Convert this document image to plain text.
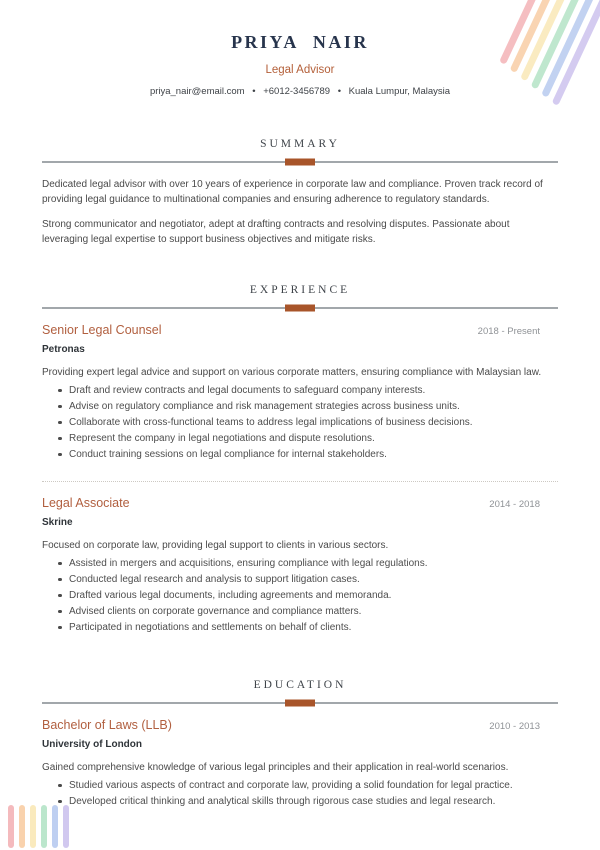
PRIYA NAIR
Legal Advisor
priya_nair@email.com • +6012-3456789 • Kuala Lumpur, Malaysia
SUMMARY

Dedicated legal advisor with over 10 years of experience in corporate law and compliance. Proven track record of providing legal guidance to multinational companies and ensuring adherence to regulatory standards.

Strong communicator and negotiator, adept at drafting contracts and resolving disputes. Passionate about leveraging legal expertise to support business objectives and mitigate risks.

EXPERIENCE
Senior Legal Counsel	2018 - Present
Petronas
Providing expert legal advice and support on various corporate matters, ensuring compliance with Malaysian law.
Draft and review contracts and legal documents to safeguard company interests.
Advise on regulatory compliance and risk management strategies across business units.
Collaborate with cross-functional teams to address legal implications of business decisions.
Represent the company in legal negotiations and dispute resolutions.
Conduct training sessions on legal compliance for internal stakeholders.
Legal Associate	2014 - 2018
Skrine
Focused on corporate law, providing legal support to clients in various sectors.
Assisted in mergers and acquisitions, ensuring compliance with legal regulations.
Conducted legal research and analysis to support litigation cases.
Drafted various legal documents, including agreements and memoranda.
Advised clients on corporate governance and compliance matters.
Participated in negotiations and settlements on behalf of clients.
EDUCATION
Bachelor of Laws (LLB)	2010 - 2013
University of London
Gained comprehensive knowledge of various legal principles and their application in real-world scenarios.
Studied various aspects of contract and corporate law, providing a solid foundation for legal practice.
Developed critical thinking and analytical skills through rigorous case studies and legal research.
